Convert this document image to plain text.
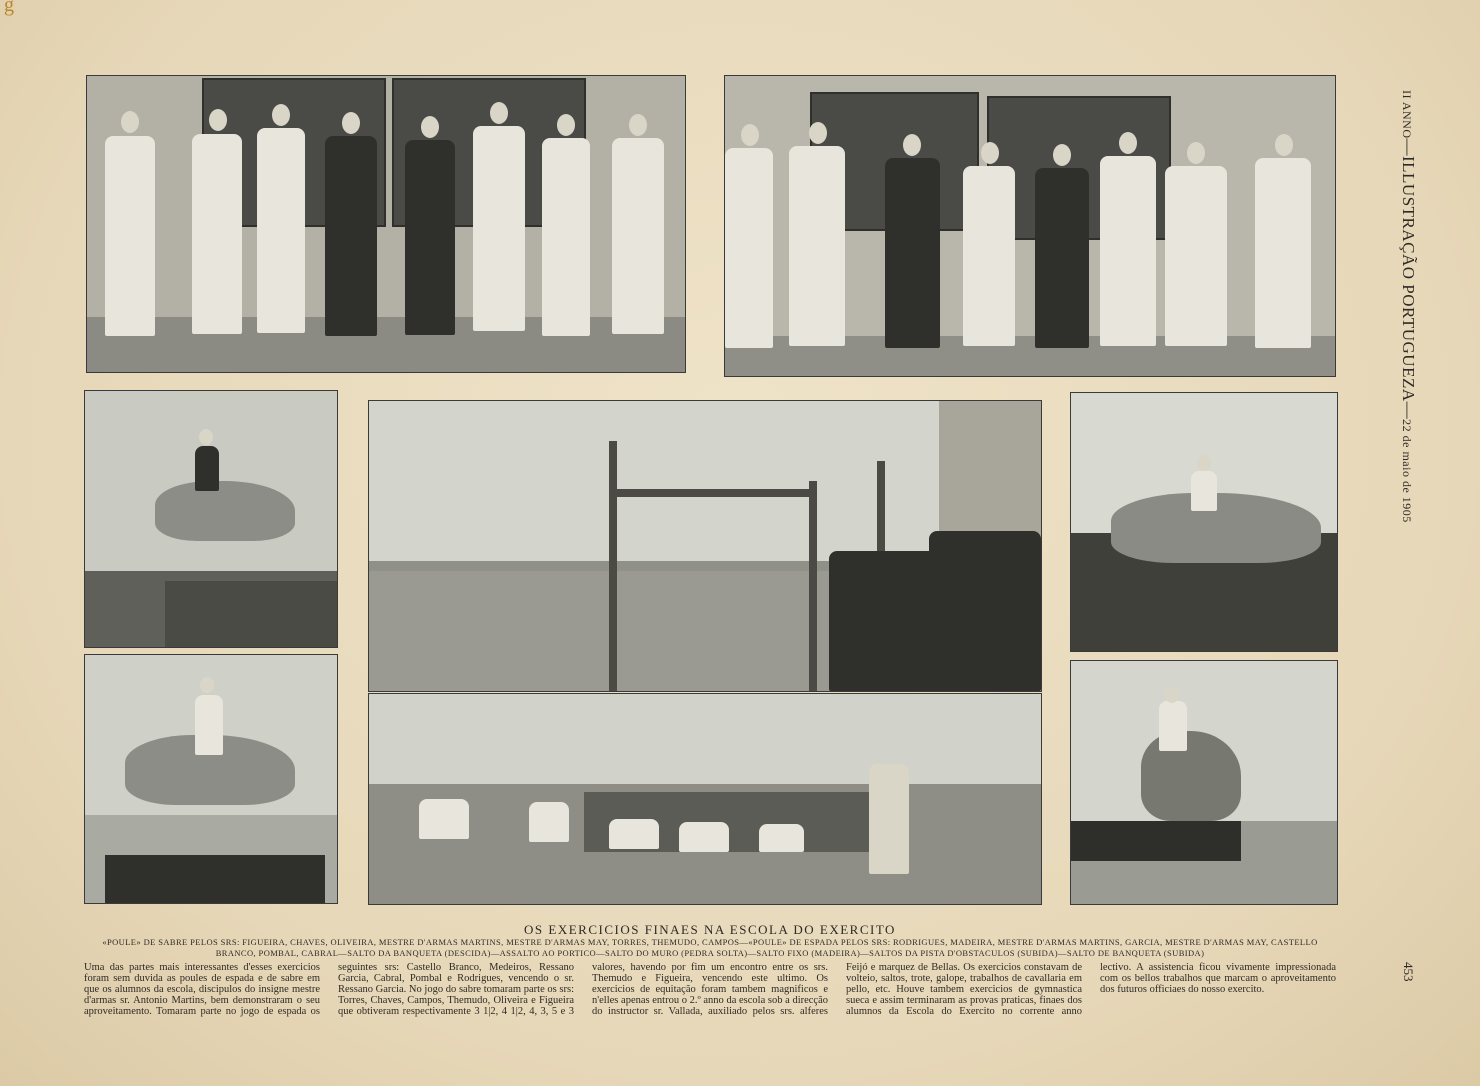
g
II ANNO—ILLUSTRAÇÃO PORTUGUEZA—22 de maio de 1905
453
OS EXERCICIOS FINAES NA ESCOLA DO EXERCITO
«POULE» DE SABRE PELOS SRS: FIGUEIRA, CHAVES, OLIVEIRA, MESTRE D'ARMAS MARTINS, MESTRE D'ARMAS MAY, TORRES, THEMUDO, CAMPOS—«POULE» DE ESPADA PELOS SRS: RODRIGUES, MADEIRA, MESTRE D'ARMAS MARTINS, GARCIA, MESTRE D'ARMAS MAY, CASTELLO BRANCO, POMBAL, CABRAL—SALTO DA BANQUETA (DESCIDA)—ASSALTO AO PORTICO—SALTO DO MURO (PEDRA SOLTA)—SALTO FIXO (MADEIRA)—SALTOS DA PISTA D'OBSTACULOS (SUBIDA)—SALTO DE BANQUETA (SUBIDA)
Uma das partes mais interessantes d'esses exercicios foram sem duvida as poules de espada e de sabre em que os alumnos da escola, discipulos do insigne mestre d'armas sr. Antonio Martins, bem demonstraram o seu aproveitamento. Tomaram parte no jogo de espada os seguintes srs: Castello Branco, Medeiros, Ressano Garcia, Cabral, Pombal e Rodrigues, vencendo o sr. Ressano Garcia. No jogo do sabre tomaram parte os srs: Torres, Chaves, Campos, Themudo, Oliveira e Figueira que obtiveram respectivamente 3 1|2, 4 1|2, 4, 3, 5 e 3 valores, havendo por fim um encontro entre os srs. Themudo e Figueira, vencendo este ultimo. Os exercicios de equitação foram tambem magnificos e n'elles apenas entrou o 2.º anno da escola sob a direcção do instructor sr. Vallada, auxiliado pelos srs. alferes Feijó e marquez de Bellas. Os exercicios constavam de volteio, saltos, trote, galope, trabalhos de cavallaria em pello, etc. Houve tambem exercicios de gymnastica sueca e assim terminaram as provas praticas, finaes dos alumnos da Escola do Exercito no corrente anno lectivo. A assistencia ficou vivamente impressionada com os bellos trabalhos que marcam o aproveitamento dos futuros officiaes do nosso exercito.
